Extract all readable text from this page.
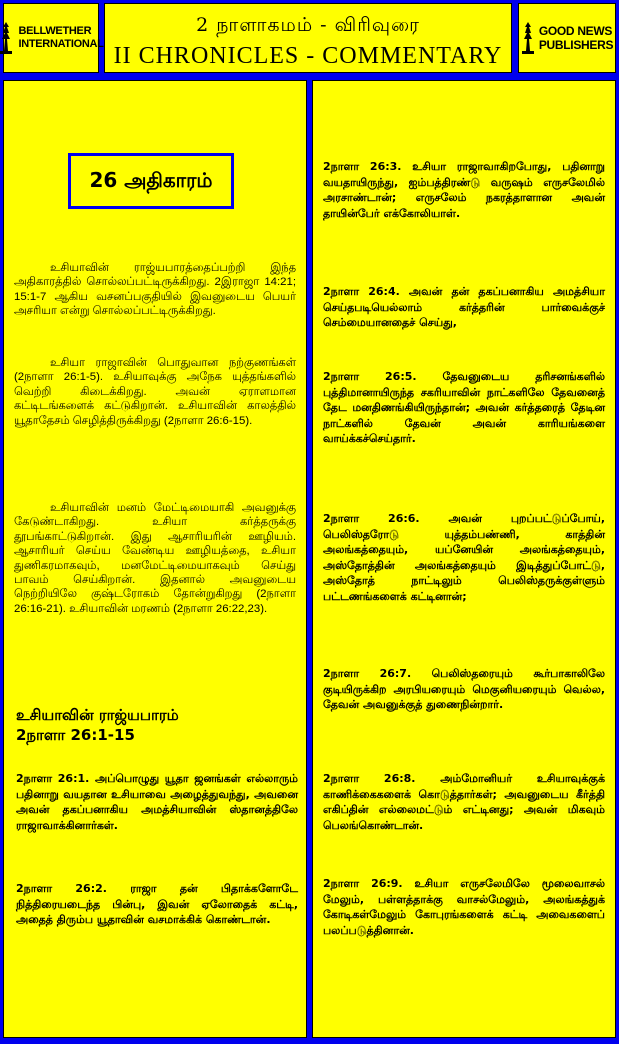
BELLWETHER
INTERNATIONAL
2 நாளாகமம் - விரிவுரை
II CHRONICLES - COMMENTARY
GOOD NEWS
PUBLISHERS
26 அதிகாரம்

உசியாவின் ராஜ்யபாரத்தைப்பற்றி இந்த அதிகாரத்தில் சொல்லப்பட்டிருக்கிறது. 2இராஜா 14:21; 15:1-7 ஆகிய வசனப்பகுதியில் இவனுடைய பெயர் அசரியா என்று சொல்லப்பட்டிருக்கிறது.

உசியா ராஜாவின் பொதுவான நற்குணங்கள் (2நாளா 26:1-5). உசியாவுக்கு அநேக யுத்தங்களில் வெற்றி கிடைக்கிறது. அவன் ஏராளமான கட்டிடங்களைக் கட்டுகிறான். உசியாவின் காலத்தில் யூதாதேசம் செழித்திருக்கிறது (2நாளா 26:6-15).

உசியாவின் மனம் மேட்டிமையாகி அவனுக்கு கேடுண்டாகிறது. உசியா கர்த்தருக்கு தூபங்காட்டுகிறான். இது ஆசாரியரின் ஊழியம். ஆசாரியர் செய்ய வேண்டிய ஊழியத்தை, உசியா துணிகரமாகவும், மனமேட்டிமையாகவும் செய்து பாவம் செய்கிறான். இதனால் அவனுடைய நெற்றியிலே குஷ்டரோகம் தோன்றுகிறது (2நாளா 26:16-21). உசியாவின் மரணம் (2நாளா 26:22,23).

உசியாவின் ராஜ்யபாரம்
2நாளா 26:1-15
2நாளா 26:1. அப்பொழுது யூதா ஜனங்கள் எல்லாரும் பதினாறு வயதான உசியாவை அழைத்துவந்து, அவனை அவன் தகப்பனாகிய அமத்சியாவின் ஸ்தானத்திலே ராஜாவாக்கினார்கள்.
2நாளா 26:2. ராஜா தன் பிதாக்களோடே நித்திரையடைந்த பின்பு, இவன் ஏலோதைக் கட்டி, அதைத் திரும்ப யூதாவின் வசமாக்கிக் கொண்டான்.
2நாளா 26:3. உசியா ராஜாவாகிறபோது, பதினாறு வயதாயிருந்து, ஐம்பத்திரண்டு வருஷம் எருசலேமில் அரசாண்டான்; எருசலேம் நகரத்தாளான அவன் தாயின்பேர் எக்கோலியாள்.
2நாளா 26:4. அவன் தன் தகப்பனாகிய அமத்சியா செய்தபடியெல்லாம் கர்த்தரின் பார்வைக்குச் செம்மையானதைச் செய்து,
2நாளா 26:5. தேவனுடைய தரிசனங்களில் புத்திமானாயிருந்த சகரியாவின் நாட்களிலே தேவனைத் தேட மனதிணங்கியிருந்தான்; அவன் கர்த்தரைத் தேடின நாட்களில் தேவன் அவன் காரியங்களை வாய்க்கச்செய்தார்.
2நாளா 26:6. அவன் புறப்பட்டுப்போய், பெலிஸ்தரோடு யுத்தம்பண்ணி, காத்தின் அலங்கத்தையும், யப்னேயின் அலங்கத்தையும், அஸ்தோத்தின் அலங்கத்தையும் இடித்துப்போட்டு, அஸ்தோத் நாட்டிலும் பெலிஸ்தருக்குள்ளும் பட்டணங்களைக் கட்டினான்;
2நாளா 26:7. பெலிஸ்தரையும் கூர்பாகாலிலே குடியிருக்கிற அரபியரையும் மெகுனியரையும் வெல்ல, தேவன் அவனுக்குத் துணைநின்றார்.
2நாளா 26:8. அம்மோனியர் உசியாவுக்குக் காணிக்கைகளைக் கொடுத்தார்கள்; அவனுடைய கீர்த்தி எகிப்தின் எல்லைமட்டும் எட்டினது; அவன் மிகவும் பெலங்கொண்டான்.
2நாளா 26:9. உசியா எருசலேமிலே மூலைவாசல் மேலும், பள்ளத்தாக்கு வாசல்மேலும், அலங்கத்துக் கோடிகள்மேலும் கோபுரங்களைக் கட்டி அவைகளைப் பலப்படுத்தினான்.
